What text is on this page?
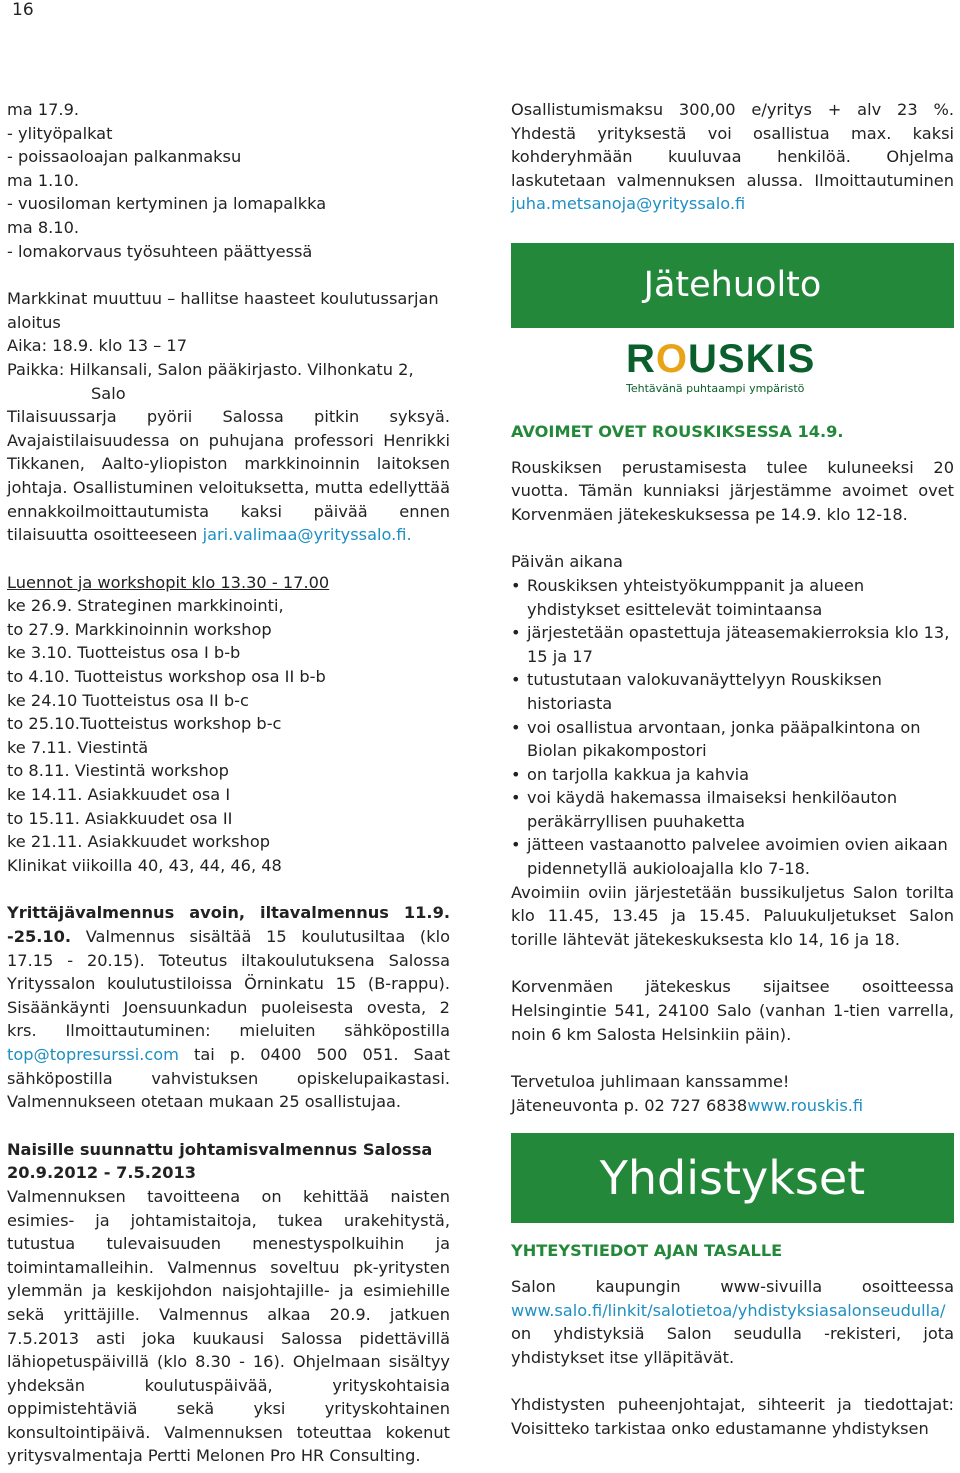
16

ma 17.9.

- ylityöpalkat

- poissaoloajan palkanmaksu

ma 1.10.

- vuosiloman kertyminen ja lomapalkka

ma 8.10.

- lomakorvaus työsuhteen päättyessä

Markkinat muuttuu – hallitse haasteet koulutussarjan aloitus

Aika: 18.9. klo 13 – 17

Paikka: Hilkansali, Salon pääkirjasto. Vilhonkatu 2,

Salo

Tilaisuussarja pyörii Salossa pitkin syksyä. Avajaistilaisuudessa on puhujana professori Henrikki Tikkanen, Aalto-yliopiston markkinoinnin laitoksen johtaja. Osallistuminen veloituksetta, mutta edellyttää ennakkoilmoittautumista kaksi päivää ennen tilaisuutta osoitteeseen jari.valimaa@yrityssalo.fi.

Luennot ja workshopit klo 13.30 - 17.00

ke 26.9. Strateginen markkinointi,

to 27.9. Markkinoinnin workshop

ke 3.10. Tuotteistus osa I b-b

to 4.10. Tuotteistus workshop osa II b-b

ke 24.10 Tuotteistus osa II b-c

to 25.10.Tuotteistus workshop b-c

ke 7.11. Viestintä

to 8.11. Viestintä workshop

ke 14.11. Asiakkuudet osa I

to 15.11. Asiakkuudet osa II

ke 21.11. Asiakkuudet workshop

Klinikat viikoilla 40, 43, 44, 46, 48

Yrittäjävalmennus avoin, iltavalmennus 11.9. -25.10. Valmennus sisältää 15 koulutusiltaa (klo 17.15 - 20.15). Toteutus iltakoulutuksena Salossa Yrityssalon koulutustiloissa Örninkatu 15 (B-rappu). Sisäänkäynti Joensuunkadun puoleisesta ovesta, 2 krs. Ilmoittautuminen: mieluiten sähköpostilla top@topresurssi.com tai p. 0400 500 051. Saat sähköpostilla vahvistuksen opiskelupaikastasi. Valmennukseen otetaan mukaan 25 osallistujaa.

Naisille suunnattu johtamisvalmennus Salossa 20.9.2012 - 7.5.2013

Valmennuksen tavoitteena on kehittää naisten esimies- ja johtamistaitoja, tukea urakehitystä, tutustua tulevaisuuden menestyspolkuihin ja toimintamalleihin. Valmennus soveltuu pk-yritysten ylemmän ja keskijohdon naisjohtajille- ja esimiehille sekä yrittäjille. Valmennus alkaa 20.9. jatkuen 7.5.2013 asti joka kuukausi Salossa pidettävillä lähiopetuspäivillä (klo 8.30 - 16). Ohjelmaan sisältyy yhdeksän koulutuspäivää, yrityskohtaisia oppimistehtäviä sekä yksi yrityskohtainen konsultointipäivä. Valmennuksen toteuttaa kokenut yritysvalmentaja Pertti Melonen Pro HR Consulting.

Osallistumismaksu 300,00 e/yritys + alv 23 %. Yhdestä yrityksestä voi osallistua max. kaksi kohderyhmään kuuluvaa henkilöä. Ohjelma laskutetaan valmennuksen alussa. Ilmoittautuminen juha.metsanoja@yrityssalo.fi

Jätehuolto
ROUSKIS
Tehtävänä puhtaampi ympäristö

AVOIMET OVET ROUSKIKSESSA 14.9.

Rouskiksen perustamisesta tulee kuluneeksi 20 vuotta. Tämän kunniaksi järjestämme avoimet ovet Korvenmäen jätekeskuksessa pe 14.9. klo 12-18.

Päivän aikana

• Rouskiksen yhteistyökumppanit ja alueen yhdistykset esittelevät toimintaansa
• järjestetään opastettuja jäteasemakierroksia klo 13, 15 ja 17
• tutustutaan valokuvanäyttelyyn Rouskiksen historiasta
• voi osallistua arvontaan, jonka pääpalkintona on Biolan pikakompostori
• on tarjolla kakkua ja kahvia
• voi käydä hakemassa ilmaiseksi henkilöauton peräkärryllisen puuhaketta
• jätteen vastaanotto palvelee avoimien ovien aikaan pidennetyllä aukioloajalla klo 7-18.

Avoimiin oviin järjestetään bussikuljetus Salon torilta klo 11.45, 13.45 ja 15.45. Paluukuljetukset Salon torille lähtevät jätekeskuksesta klo 14, 16 ja 18.

Korvenmäen jätekeskus sijaitsee osoitteessa Helsingintie 541, 24100 Salo (vanhan 1-tien varrella, noin 6 km Salosta Helsinkiin päin).

Tervetuloa juhlimaan kanssamme!

Jäteneuvonta p. 02 727 6838www.rouskis.fi

Yhdistykset

YHTEYSTIEDOT AJAN TASALLE

Salon kaupungin www-sivuilla osoitteessa www.salo.fi/linkit/salotietoa/yhdistyksiasalonseudulla/ on yhdistyksiä Salon seudulla -rekisteri, jota yhdistykset itse ylläpitävät.

Yhdistysten puheenjohtajat, sihteerit ja tiedottajat: Voisitteko tarkistaa onko edustamanne yhdistyksen
